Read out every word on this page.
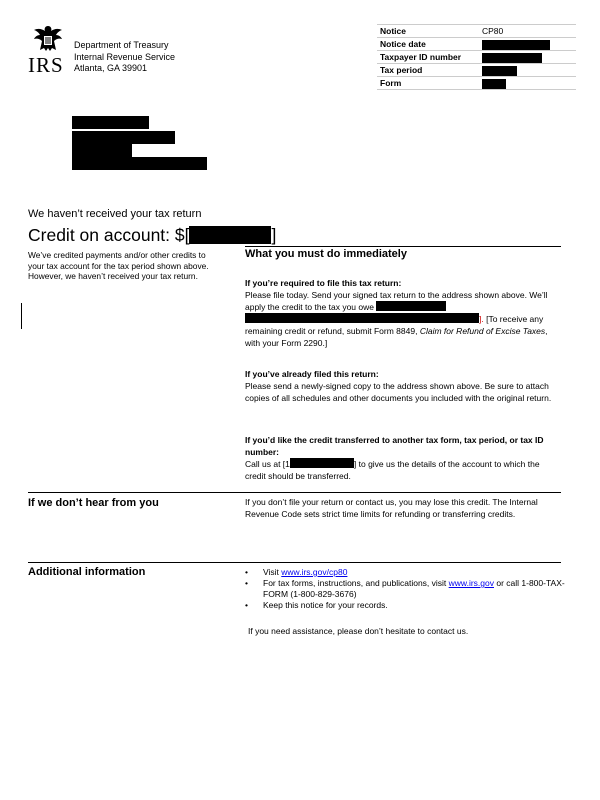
IRS
Department of Treasury
Internal Revenue Service
Atlanta, GA 39901
Notice	CP80
Notice date	
Taxpayer ID number	
Tax period	
Form	
We haven’t received your tax return
Credit on account: $[	]
We’ve credited payments and/or other credits to your tax account for the tax period shown above. However, we haven’t received your tax return.
What you must do immediately

If you’re required to file this tax return:

Please file today. Send your signed tax return to the address shown above. We’ll apply the credit to the tax you owe
]. [To receive any remaining credit or refund, submit Form 8849, Claim for Refund of Excise Taxes, with your Form 2290.]

If you’ve already filed this return:

Please send a newly-signed copy to the address shown above. Be sure to attach copies of all schedules and other documents you included with the original return.

If you’d like the credit transferred to another tax form, tax period, or tax ID number:

Call us at [1	] to give us the details of the account to which the credit should be transferred.

If we don’t hear from you	If you don’t file your return or contact us, you may lose this credit. The Internal Revenue Code sets strict time limits for refunding or transferring credits.
Additional information	• Visit www.irs.gov/cp80
• For tax forms, instructions, and publications, visit www.irs.gov or call 1-800-TAX-FORM (1-800-829-3676)
• Keep this notice for your records.
If you need assistance, please don’t hesitate to contact us.
